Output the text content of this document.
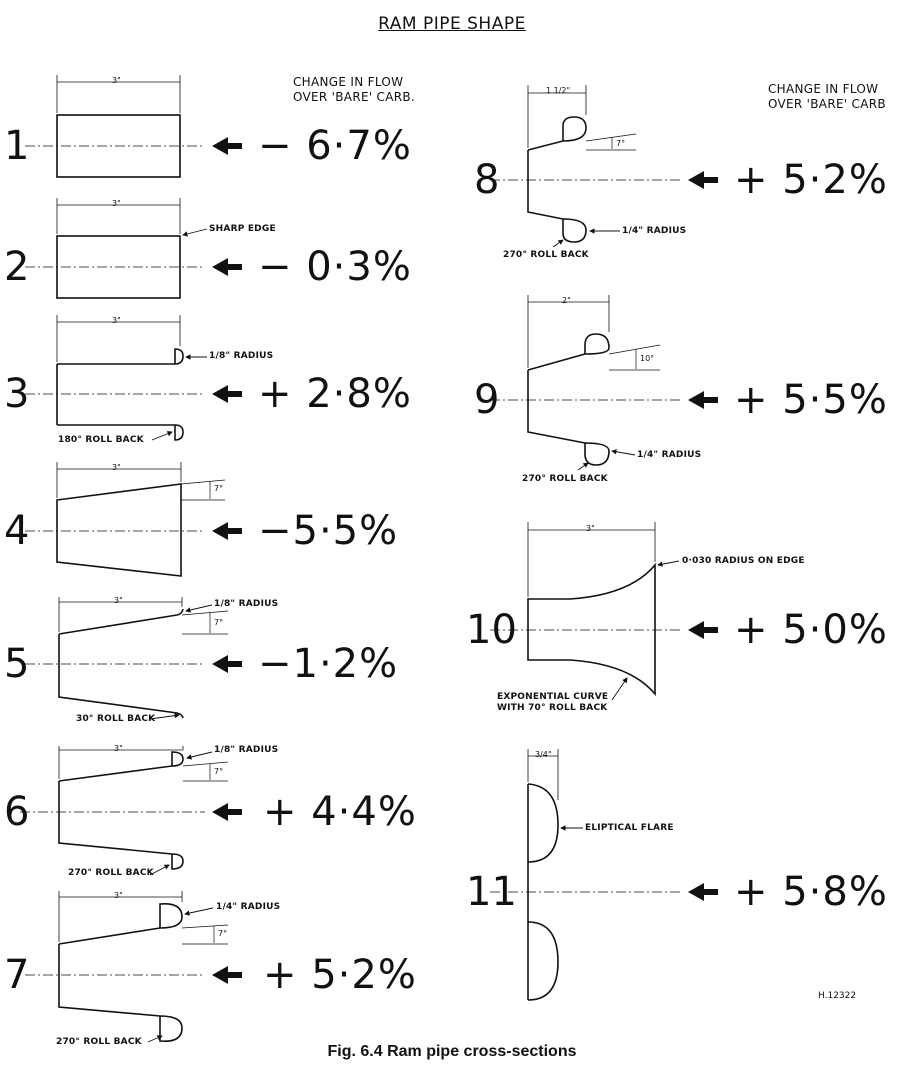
RAM PIPE SHAPE
CHANGE IN FLOW
OVER 'BARE' CARB.
CHANGE IN FLOW
OVER 'BARE' CARB
1
2
3
4
5
6
7
8
9
10
11
− 6·7%
− 0·3%
+ 2·8%
−5·5%
−1·2%
+ 4·4%
+ 5·2%
+ 5·2%
+ 5·5%
+ 5·0%
+ 5·8%
3"
3"
3"
3"
3"
3"
3"
1 1/2"
2"
3"
3/4"
7°
7°
7°
7°
7°
10°
SHARP EDGE
1/8" RADIUS
180° ROLL BACK
1/8" RADIUS
30° ROLL BACK
1/8" RADIUS
270° ROLL BACK
1/4" RADIUS
270° ROLL BACK
1/4" RADIUS
270° ROLL BACK
1/4" RADIUS
270° ROLL BACK
0·030 RADIUS ON EDGE
EXPONENTIAL CURVE
WITH 70° ROLL BACK
ELIPTICAL FLARE
H.12322
Fig. 6.4 Ram pipe cross-sections
